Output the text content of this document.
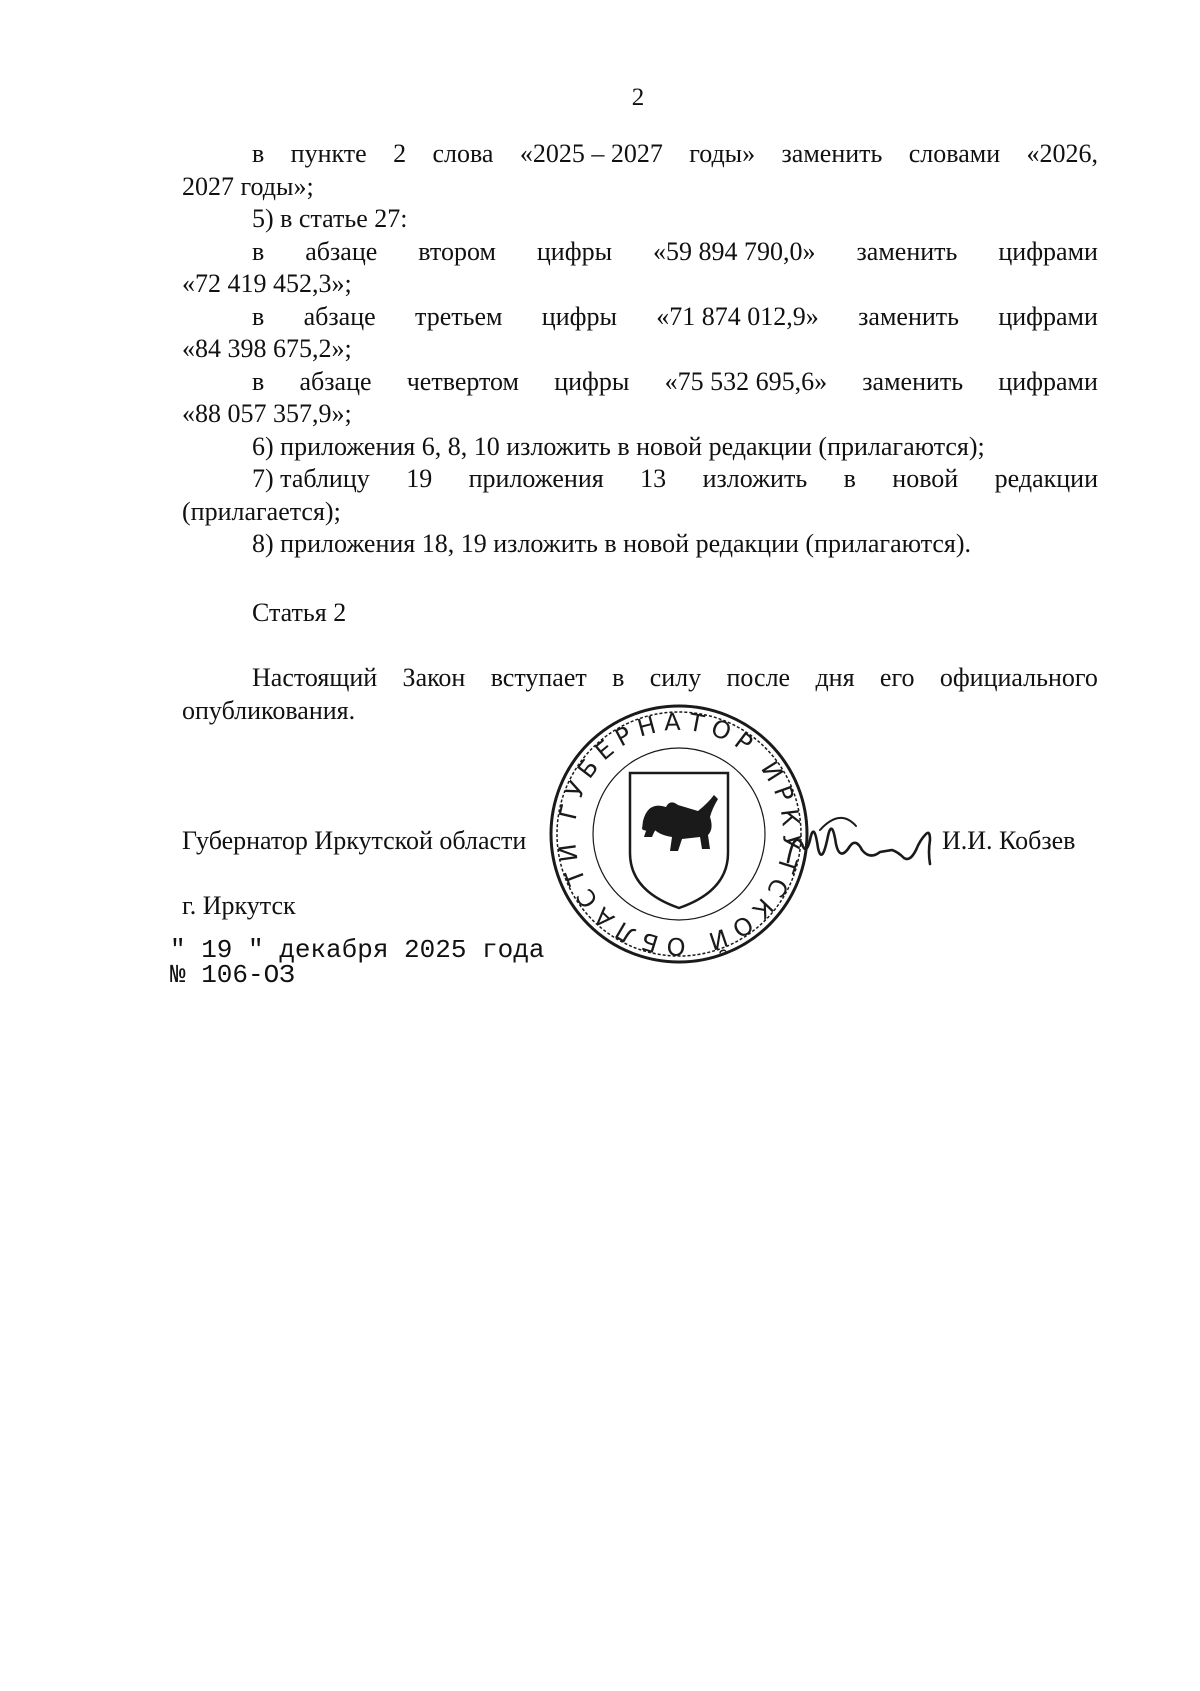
2
в пункте 2 слова «2025 – 2027 годы» заменить словами «2026,

2027 годы»;

5) в статье 27:

в абзаце втором цифры «59 894 790,0» заменить цифрами

«72 419 452,3»;

в абзаце третьем цифры «71 874 012,9» заменить цифрами

«84 398 675,2»;

в абзаце четвертом цифры «75 532 695,6» заменить цифрами

«88 057 357,9»;

6) приложения 6, 8, 10 изложить в новой редакции (прилагаются);

7) таблицу 19 приложения 13 изложить в новой редакции

(прилагается);

8) приложения 18, 19 изложить в новой редакции (прилагаются).

Статья 2
Настоящий Закон вступает в силу после дня его официального

опубликования.

Губернатор Иркутской области
ГУБЕРНАТОР ИРКУТСКОЙ ОБЛАСТИ	И.И. Кобзев
г. Иркутск
" 19 " декабря 2025 года
№ 106-ОЗ
